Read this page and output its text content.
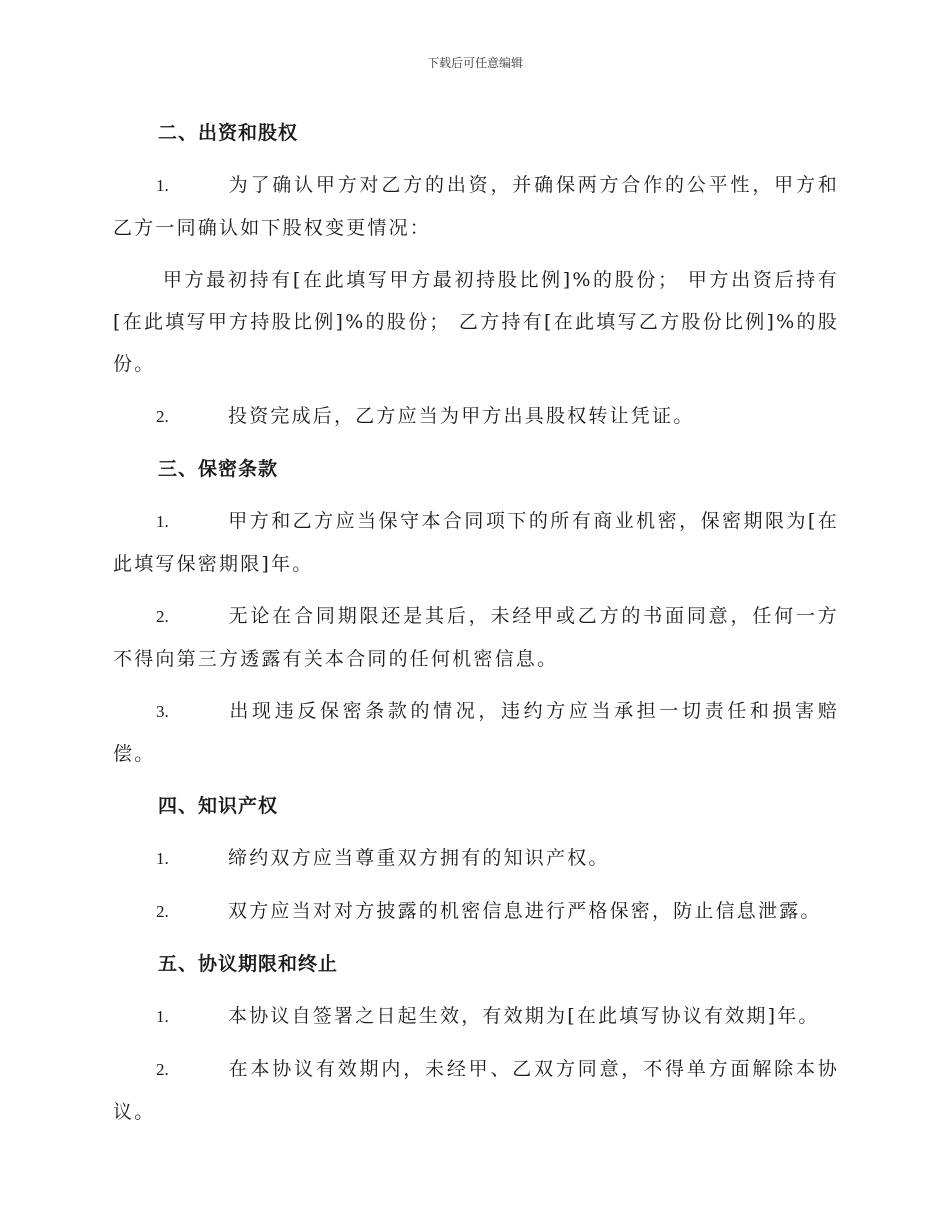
下载后可任意编辑
二、出资和股权
1.	为了确认甲方对乙方的出资，并确保两方合作的公平性，甲方和乙方一同确认如下股权变更情况：
甲方最初持有[在此填写甲方最初持股比例]%的股份； 甲方出资后持有[在此填写甲方持股比例]%的股份； 乙方持有[在此填写乙方股份比例]%的股份。
2.	投资完成后，乙方应当为甲方出具股权转让凭证。
三、保密条款
1.	甲方和乙方应当保守本合同项下的所有商业机密，保密期限为[在此填写保密期限]年。
2.	无论在合同期限还是其后，未经甲或乙方的书面同意，任何一方不得向第三方透露有关本合同的任何机密信息。
3.	出现违反保密条款的情况，违约方应当承担一切责任和损害赔偿。
四、知识产权
1.	缔约双方应当尊重双方拥有的知识产权。
2.	双方应当对对方披露的机密信息进行严格保密，防止信息泄露。
五、协议期限和终止
1.	本协议自签署之日起生效，有效期为[在此填写协议有效期]年。
2.	在本协议有效期内，未经甲、乙双方同意，不得单方面解除本协议。
